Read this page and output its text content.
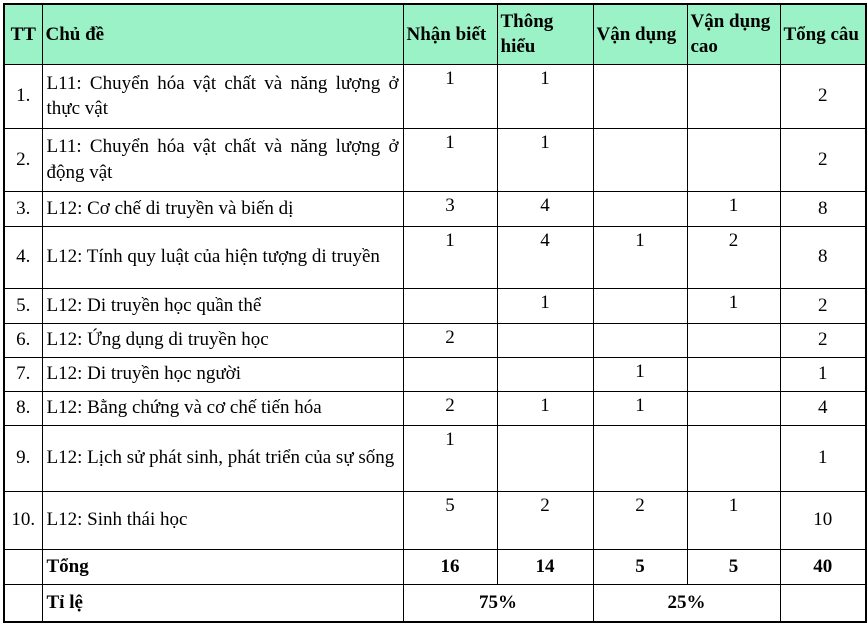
TT	Chủ đề	Nhận biết	Thông hiểu	Vận dụng	Vận dụng cao	Tổng câu
1.	L11: Chuyển hóa vật chất và năng lượng ở thực vật	1	1			2
2.	L11: Chuyển hóa vật chất và năng lượng ở động vật	1	1			2
3.	L12: Cơ chế di truyền và biến dị	3	4		1	8
4.	L12: Tính quy luật của hiện tượng di truyền	1	4	1	2	8
5.	L12: Di truyền học quần thể		1		1	2
6.	L12: Ứng dụng di truyền học	2				2
7.	L12: Di truyền học người			1		1
8.	L12: Bằng chứng và cơ chế tiến hóa	2	1	1		4
9.	L12: Lịch sử phát sinh, phát triển của sự sống	1				1
10.	L12: Sinh thái học	5	2	2	1	10
	Tổng	16	14	5	5	40
	Tỉ lệ	75%		25%		
